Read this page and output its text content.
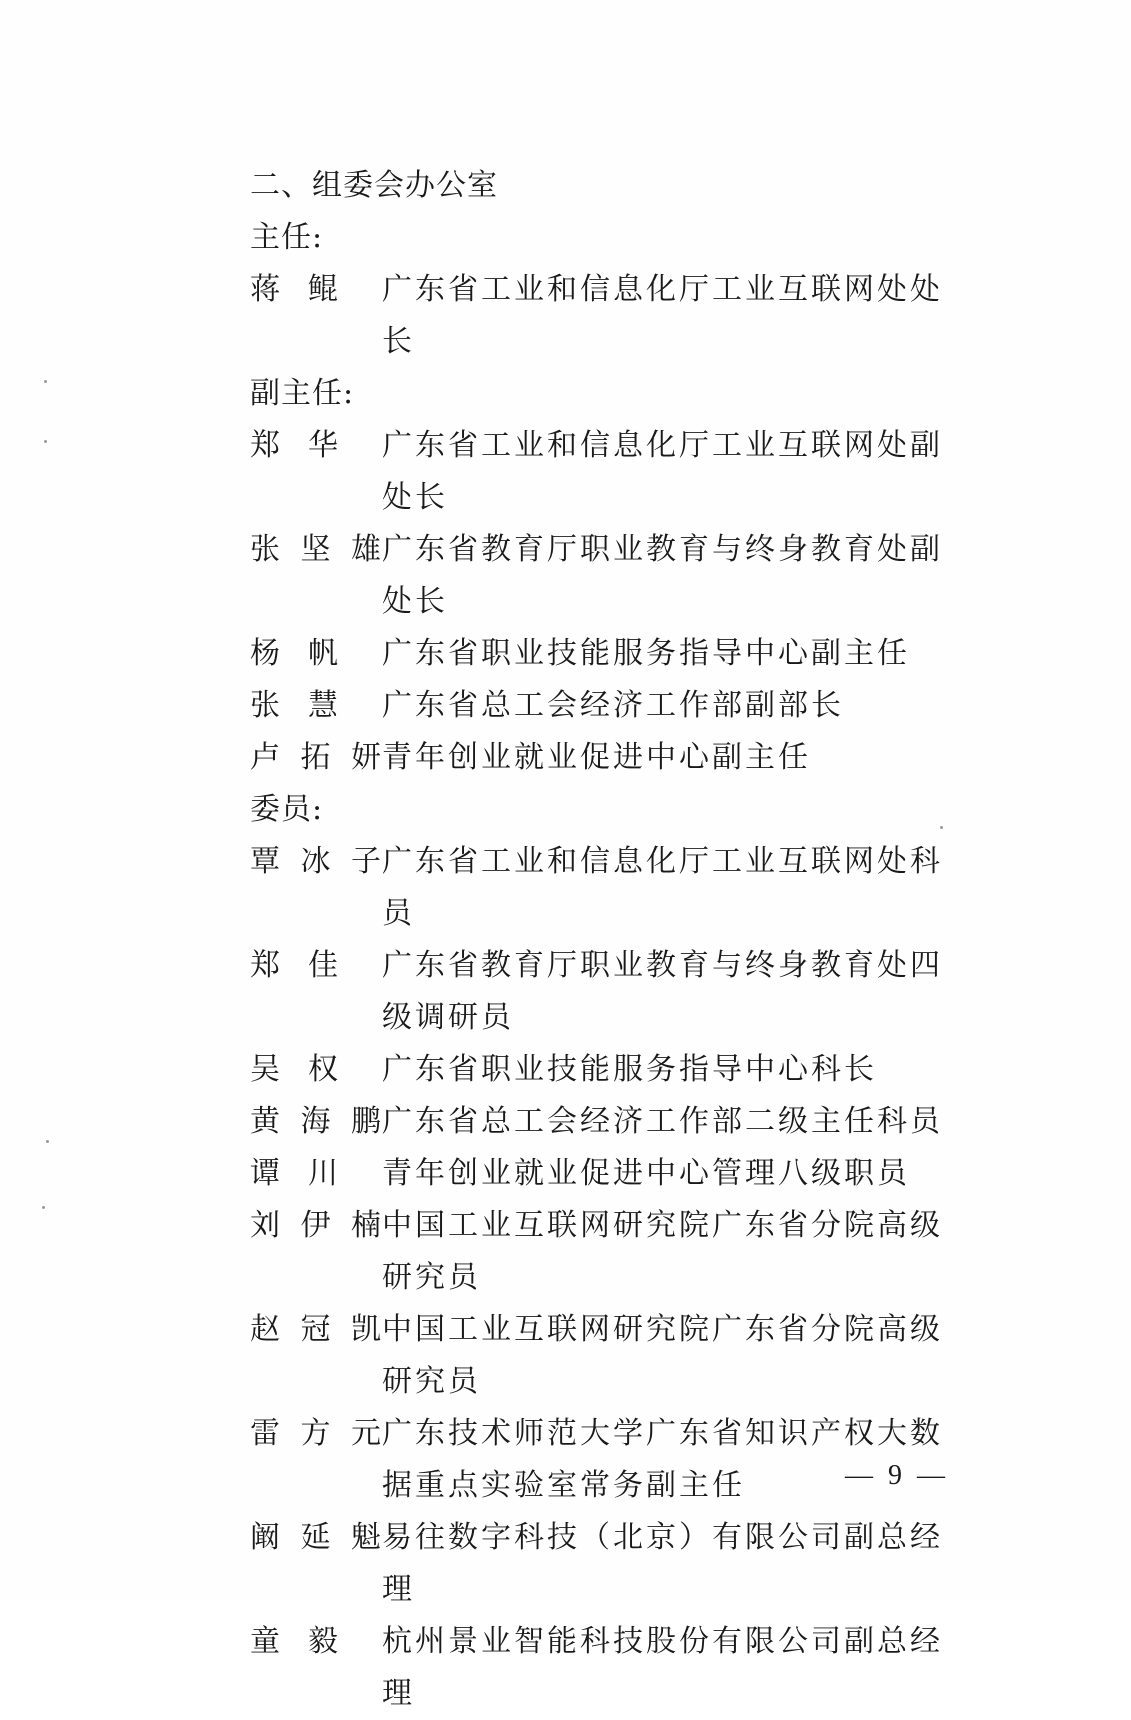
二、组委会办公室
主任:
蒋鲲 广东省工业和信息化厅工业互联网处处长
副主任:
郑华 广东省工业和信息化厅工业互联网处副处长
张坚雄 广东省教育厅职业教育与终身教育处副处长
杨帆 广东省职业技能服务指导中心副主任
张慧 广东省总工会经济工作部副部长
卢拓妍 青年创业就业促进中心副主任
委员:
覃冰子 广东省工业和信息化厅工业互联网处科员
郑佳 广东省教育厅职业教育与终身教育处四级调研员
吴权 广东省职业技能服务指导中心科长
黄海鹏 广东省总工会经济工作部二级主任科员
谭川 青年创业就业促进中心管理八级职员
刘伊楠 中国工业互联网研究院广东省分院高级研究员
赵冠凯 中国工业互联网研究院广东省分院高级研究员
雷方元 广东技术师范大学广东省知识产权大数据重点实验室常务副主任
阚延魁 易往数字科技（北京）有限公司副总经理
童毅 杭州景业智能科技股份有限公司副总经理
— 9 —
